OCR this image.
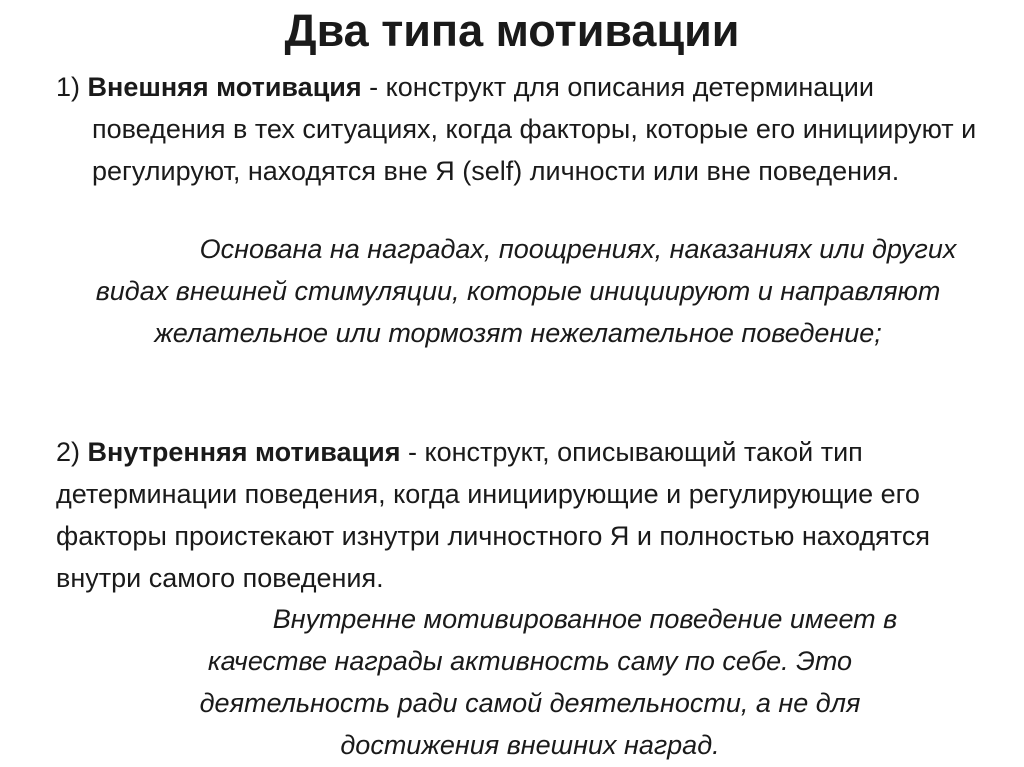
Два типа мотивации

1) Внешняя мотивация - конструкт для описания детерминации поведения в тех ситуациях, когда факторы, которые его инициируют и регулируют, находятся вне Я (self) личности или вне поведения.

Основана на наградах, поощрениях, наказаниях или других видах внешней стимуляции, которые инициируют и направляют желательное или тормозят нежелательное поведение;

2) Внутренняя мотивация - конструкт, описывающий такой тип детерминации поведения, когда инициирующие и регулирующие его факторы проистекают изнутри личностного Я и полностью находятся внутри самого поведения.

Внутренне мотивированное поведение имеет в качестве награды активность саму по себе. Это деятельность ради самой деятельности, а не для достижения внешних наград.
